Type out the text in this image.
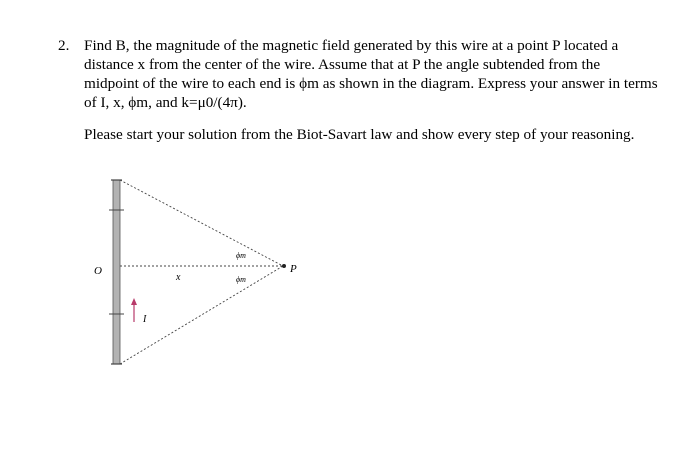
2. Find B, the magnitude of the magnetic field generated by this wire at a point P located a distance x from the center of the wire. Assume that at P the angle subtended from the midpoint of the wire to each end is ϕm as shown in the diagram. Express your answer in terms of I, x, ϕm, and k=μ0/(4π).
Please start your solution from the Biot-Savart law and show every step of your reasoning.
O
x
P
I
ϕm
ϕm
